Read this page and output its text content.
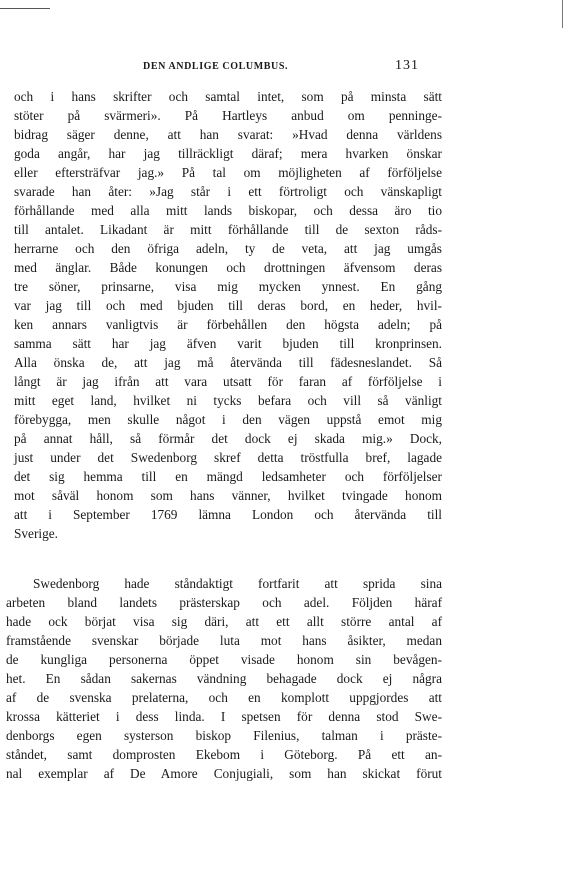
DEN ANDLIGE COLUMBUS.	131
och i hans skrifter och samtal intet, som på minsta sätt
stöter på svärmeri». På Hartleys anbud om penninge-
bidrag säger denne, att han svarat: »Hvad denna världens
goda angår, har jag tillräckligt däraf; mera hvarken önskar
eller eftersträfvar jag.» På tal om möjligheten af förföljelse
svarade han åter: »Jag står i ett förtroligt och vänskapligt
förhållande med alla mitt lands biskopar, och dessa äro tio
till antalet. Likadant är mitt förhållande till de sexton råds-
herrarne och den öfriga adeln, ty de veta, att jag umgås
med änglar. Både konungen och drottningen äfvensom deras
tre söner, prinsarne, visa mig mycken ynnest. En gång
var jag till och med bjuden till deras bord, en heder, hvil-
ken annars vanligtvis är förbehållen den högsta adeln; på
samma sätt har jag äfven varit bjuden till kronprinsen.
Alla önska de, att jag må återvända till fädesneslandet. Så
långt är jag ifrån att vara utsatt för faran af förföljelse i
mitt eget land, hvilket ni tycks befara och vill så vänligt
förebygga, men skulle något i den vägen uppstå emot mig
på annat håll, så förmår det dock ej skada mig.» Dock,
just under det Swedenborg skref detta tröstfulla bref, lagade
det sig hemma till en mängd ledsamheter och förföljelser
mot såväl honom som hans vänner, hvilket tvingade honom
att i September 1769 lämna London och återvända till
Sverige.
Swedenborg hade ståndaktigt fortfarit att sprida sina
arbeten bland landets prästerskap och adel. Följden häraf
hade ock börjat visa sig däri, att ett allt större antal af
framstående svenskar började luta mot hans åsikter, medan
de kungliga personerna öppet visade honom sin bevågen-
het. En sådan sakernas vändning behagade dock ej några
af de svenska prelaterna, och en komplott uppgjordes att
krossa kätteriet i dess linda. I spetsen för denna stod Swe-
denborgs egen systerson biskop Filenius, talman i präste-
ståndet, samt domprosten Ekebom i Göteborg. På ett an-
nal exemplar af De Amore Conjugiali, som han skickat förut
